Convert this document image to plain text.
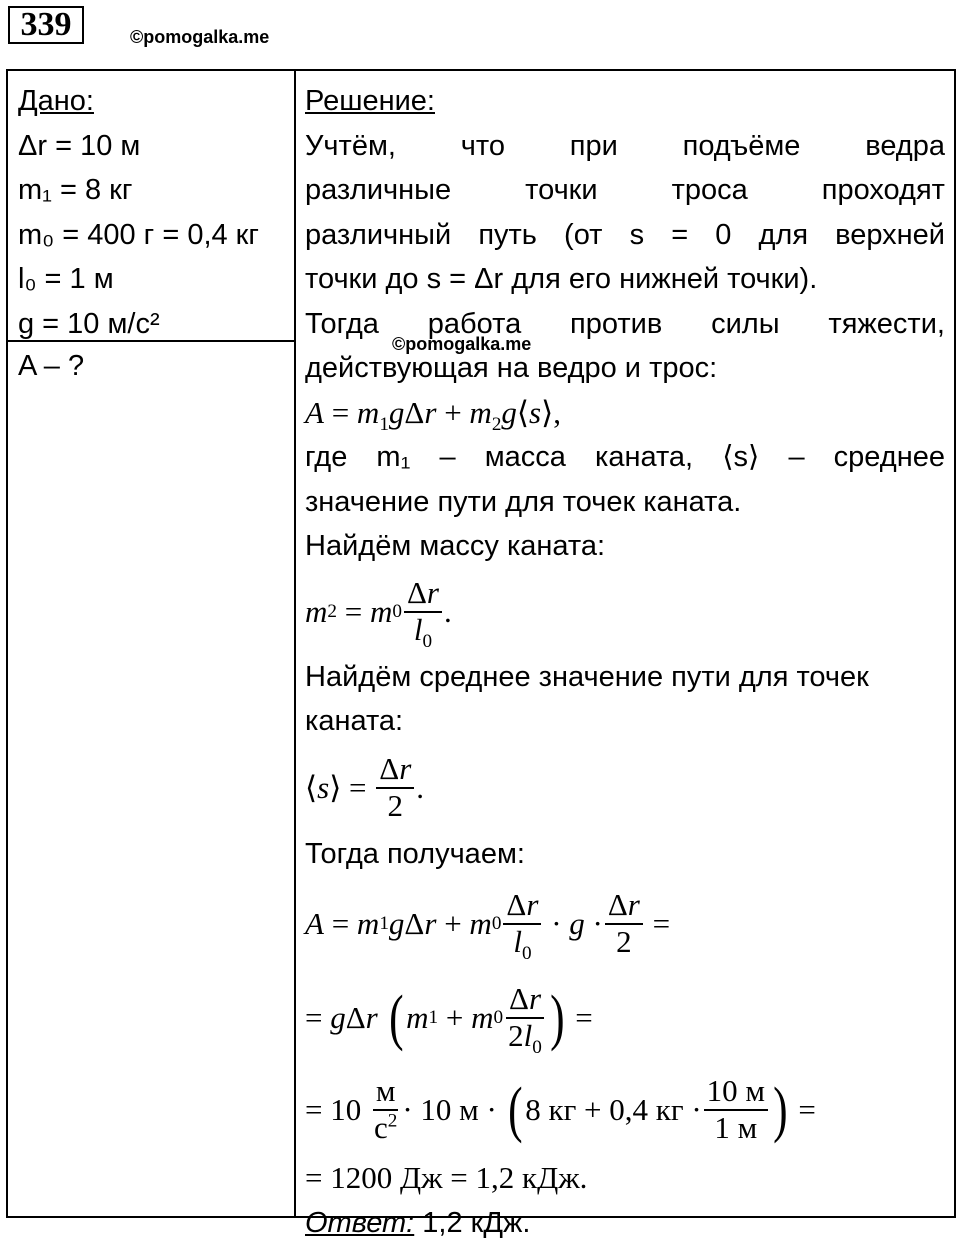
339	©pomogalka.me
Дано:
Δr = 10 м
m₁ = 8 кг
m₀ = 400 г = 0,4 кг
l₀ = 1 м
g = 10 м/с²
A – ?
Решение:
Учтём, что при подъёме ведра
различные	точки	троса	проходят
различный путь (от s = 0 для верхней
точки до s = Δr для его нижней точки).
Тогда работа против силы тяжести,
действующая на ведро и трос:
$A = m_1g\Delta r$ + $m_2g⟨s⟩$,
где m₁ – масса каната, ⟨s⟩ – среднее
значение пути для точек каната.
Найдём массу каната:
m 2 = m $0 \frac{\Delta r}{l_0}$ .
Найдём среднее значение пути для точек
каната:
⟨ s ⟩ = $\frac{\Delta r}{2}$ .
Тогда получаем:
A = m 1 g Δ r + m $0 \frac{\Delta r}{l_0} \cdot g \cdot \frac{\Delta r}{2}$ =
= g Δ r
( m 1 + m $0 \frac{\Delta r}{2l_0}$ ) =
= $10 \frac{м}{с^2} \cdot 10$ м · ( 8 кг + 0,4 кг · $\frac{10 м}{1 м}$ ) =
= 1200 Дж = 1,2 кДж.
Ответ: 1,2 кДж.
©pomogalka.me
